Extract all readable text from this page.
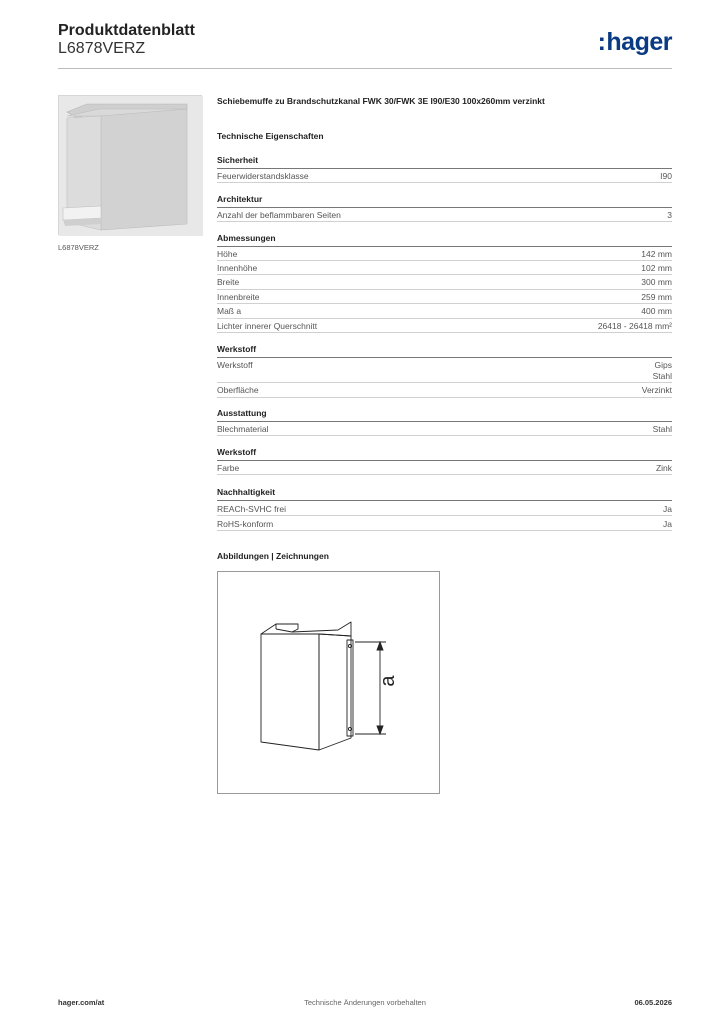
Produktdatenblatt
L6878VERZ	:hager
L6878VERZ
Schiebemuffe zu Brandschutzkanal FWK 30/FWK 3E I90/E30 100x260mm verzinkt
Technische Eigenschaften
Sicherheit
Feuerwiderstandsklasse	I90
Architektur
Anzahl der beflammbaren Seiten	3
Abmessungen
Höhe	142 mm
Innenhöhe	102 mm
Breite	300 mm
Innenbreite	259 mm
Maß a	400 mm
Lichter innerer Querschnitt	26418 - 26418 mm²
Werkstoff
Werkstoff	Gips
Stahl
Oberfläche	Verzinkt
Ausstattung
Blechmaterial	Stahl
Werkstoff
Farbe	Zink
Nachhaltigkeit
REACh-SVHC frei	Ja
RoHS-konform	Ja
Abbildungen | Zeichnungen
a
hager.com/at	Technische Änderungen vorbehalten	06.05.2026
